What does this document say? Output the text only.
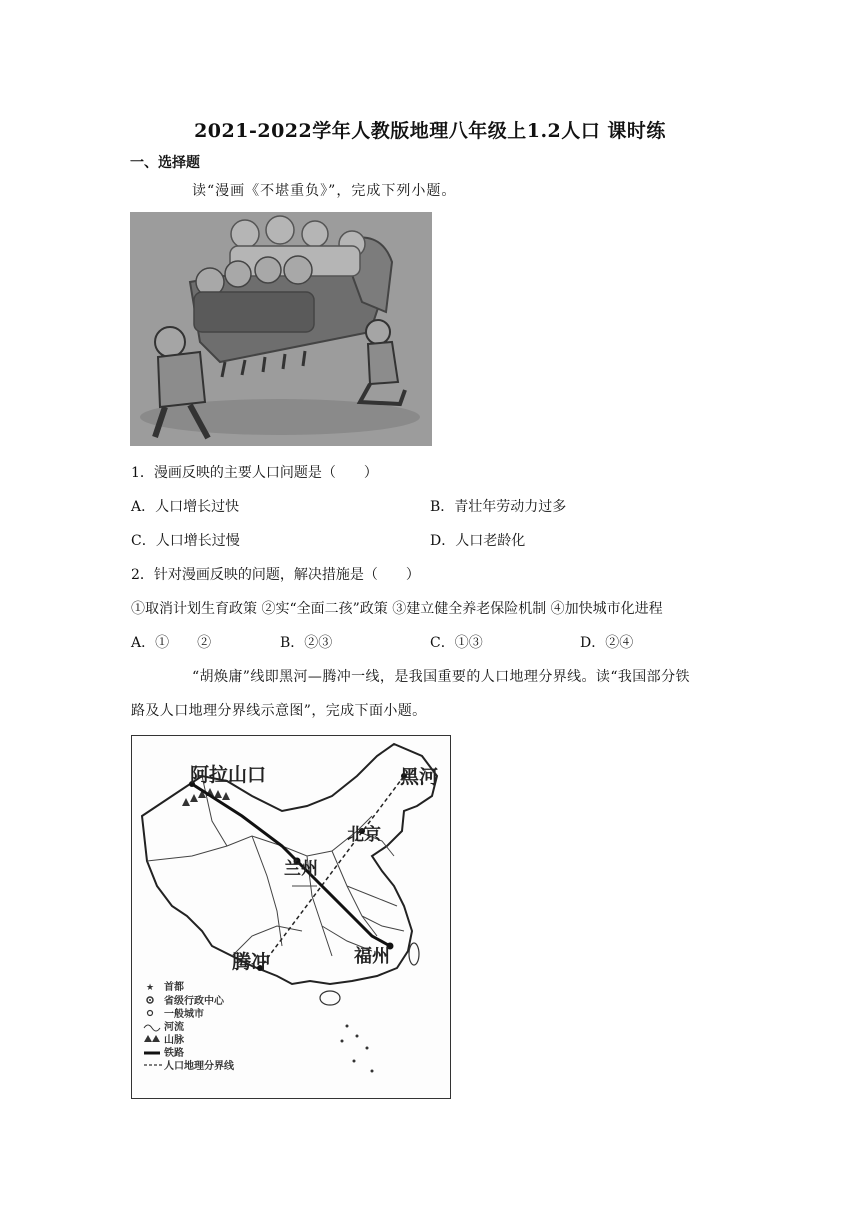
2021-2022学年人教版地理八年级上1.2人口 课时练
一、选择题
读“漫画《不堪重负》”，完成下列小题。
1．漫画反映的主要人口问题是（　　）
A．人口增长过快	B．青壮年劳动力过多
C．人口增长过慢	D．人口老龄化
2．针对漫画反映的问题，解决措施是（　　）
①取消计划生育政策 ②实“全面二孩”政策 ③建立健全养老保险机制 ④加快城市化进程
A．①　　②	B．②③	C．①③	D．②④
“胡焕庸”线即黑河—腾冲一线，是我国重要的人口地理分界线。读“我国部分铁
路及人口地理分界线示意图”，完成下面小题。
阿拉山口	黑河
北京
兰州
腾冲	福州
★ 首都
省级行政中心
一般城市
河流
山脉
铁路
人口地理分界线
